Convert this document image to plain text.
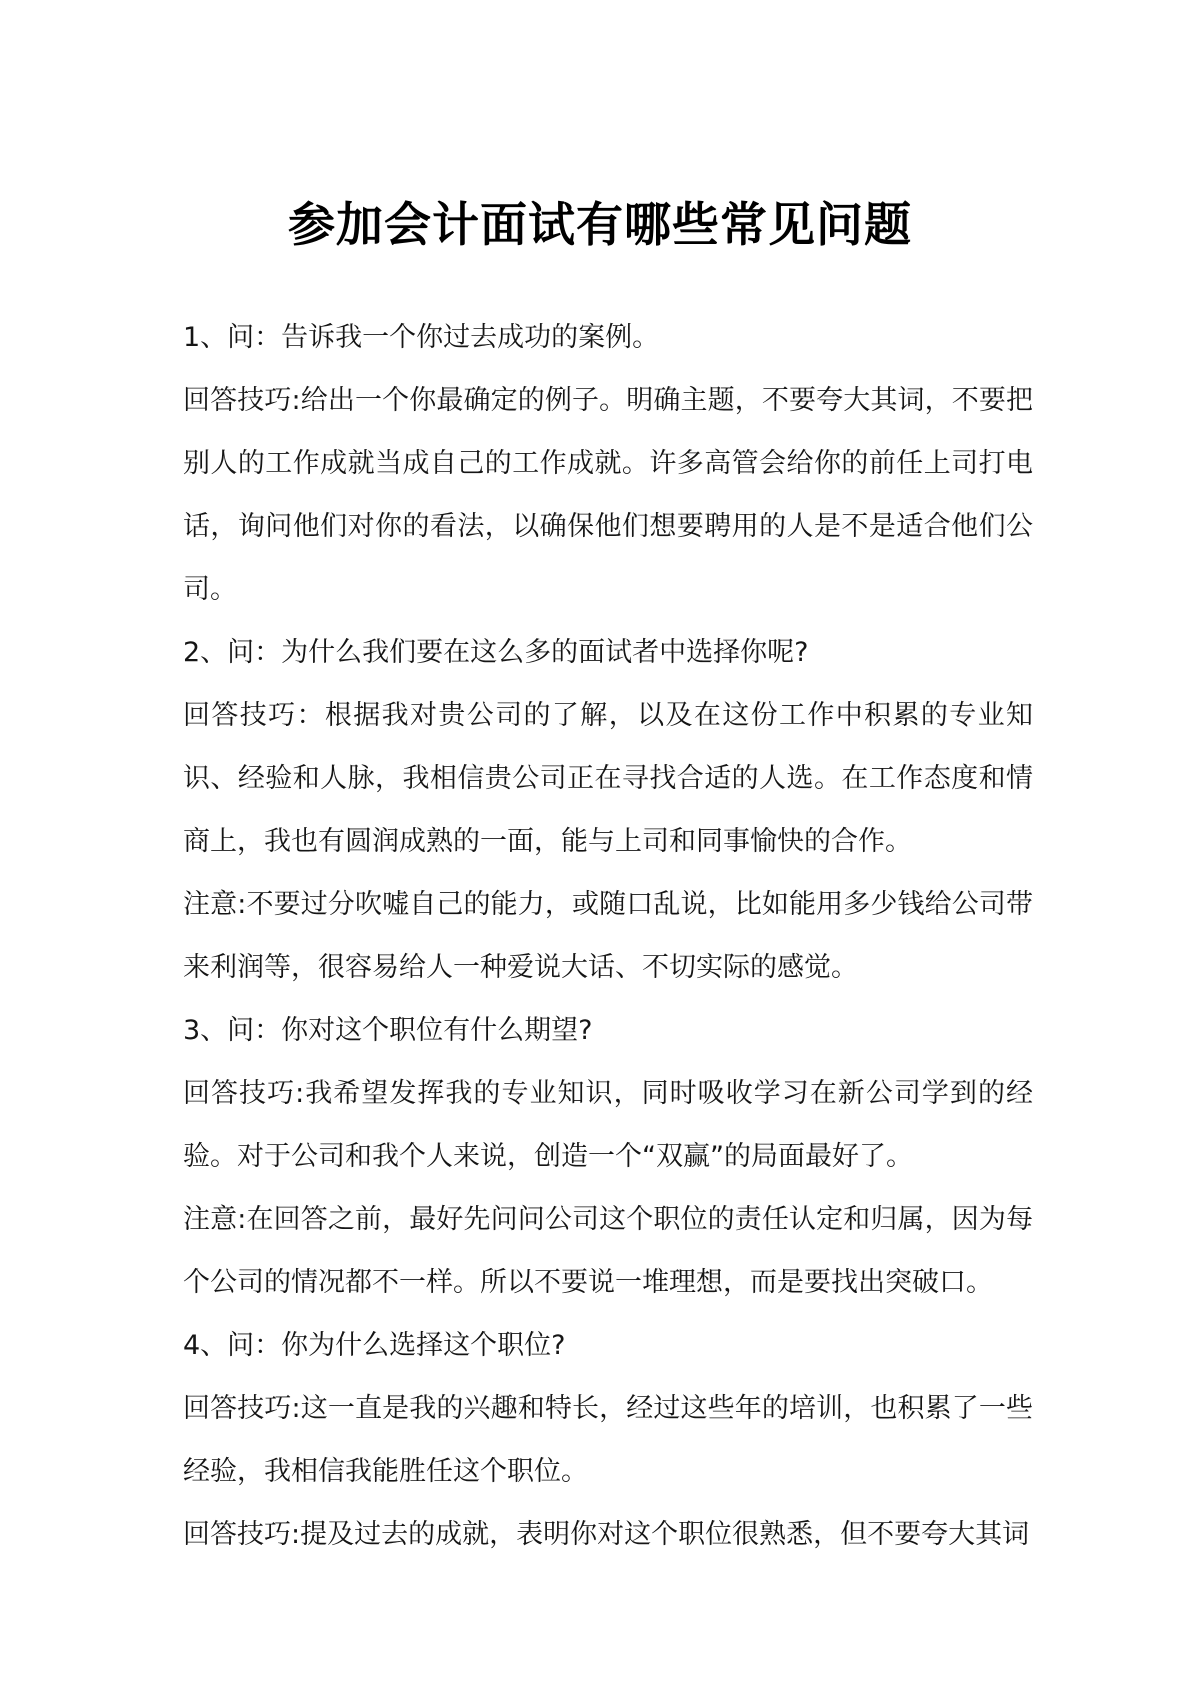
参加会计面试有哪些常见问题

1、问：告诉我一个你过去成功的案例。

回答技巧:给出一个你最确定的例子。明确主题，不要夸大其词，不要把别人的工作成就当成自己的工作成就。许多高管会给你的前任上司打电话，询问他们对你的看法，以确保他们想要聘用的人是不是适合他们公司。

2、问：为什么我们要在这么多的面试者中选择你呢?

回答技巧：根据我对贵公司的了解，以及在这份工作中积累的专业知识、经验和人脉，我相信贵公司正在寻找合适的人选。在工作态度和情商上，我也有圆润成熟的一面，能与上司和同事愉快的合作。

注意:不要过分吹嘘自己的能力，或随口乱说，比如能用多少钱给公司带来利润等，很容易给人一种爱说大话、不切实际的感觉。

3、问：你对这个职位有什么期望?

回答技巧:我希望发挥我的专业知识，同时吸收学习在新公司学到的经验。对于公司和我个人来说，创造一个“双赢”的局面最好了。

注意:在回答之前，最好先问问公司这个职位的责任认定和归属，因为每个公司的情况都不一样。所以不要说一堆理想，而是要找出突破口。

4、问：你为什么选择这个职位?

回答技巧:这一直是我的兴趣和特长，经过这些年的培训，也积累了一些经验，我相信我能胜任这个职位。

回答技巧:提及过去的成就，表明你对这个职位很熟悉，但不要夸大其词
